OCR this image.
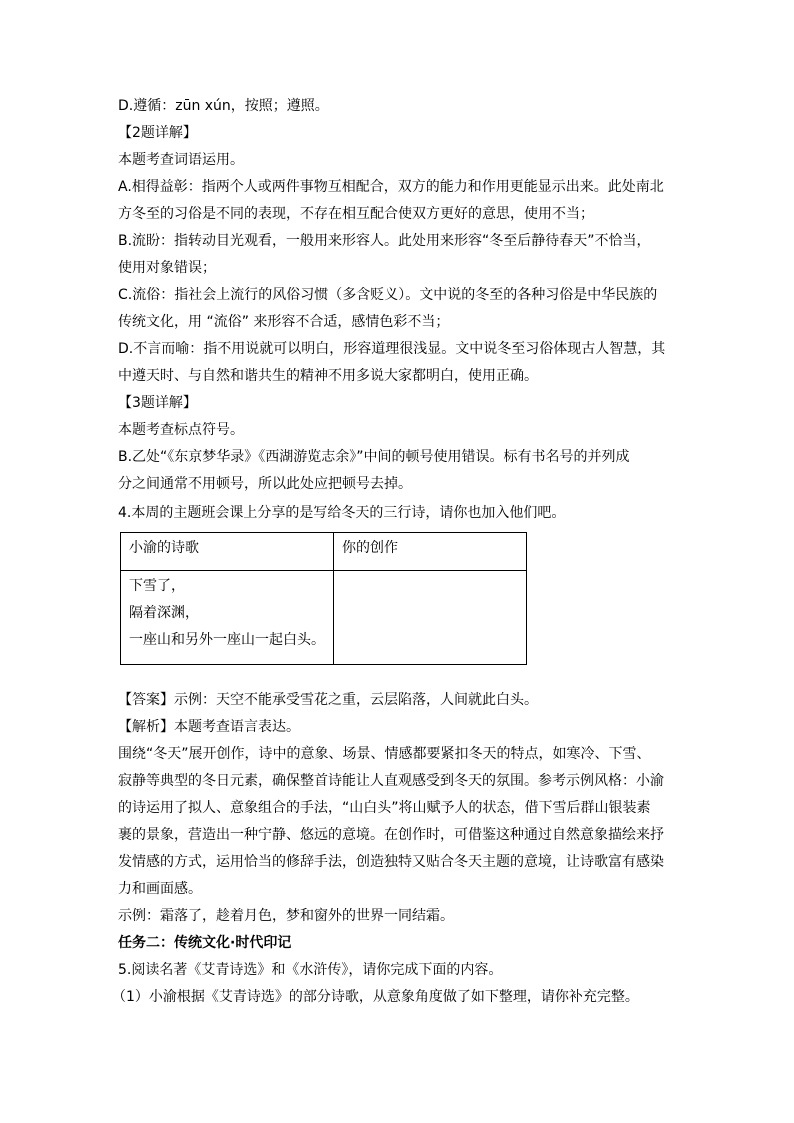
D.遵循：zūn xún，按照；遵照。
【2题详解】
本题考查词语运用。
A.相得益彰：指两个人或两件事物互相配合，双方的能力和作用更能显示出来。此处南北
方冬至的习俗是不同的表现，不存在相互配合使双方更好的意思，使用不当；
B.流盼：指转动目光观看，一般用来形容人。此处用来形容“冬至后静待春天”不恰当，
使用对象错误；
C.流俗：指社会上流行的风俗习惯（多含贬义）。文中说的冬至的各种习俗是中华民族的
传统文化，用 “流俗” 来形容不合适，感情色彩不当；
D.不言而喻：指不用说就可以明白，形容道理很浅显。文中说冬至习俗体现古人智慧，其
中遵天时、与自然和谐共生的精神不用多说大家都明白，使用正确。
【3题详解】
本题考查标点符号。
B.乙处“《东京梦华录》《西湖游览志余》”中间的顿号使用错误。标有书名号的并列成
分之间通常不用顿号，所以此处应把顿号去掉。
4.本周的主题班会课上分享的是写给冬天的三行诗，请你也加入他们吧。
小渝的诗歌	你的创作

下雪了，
隔着深渊，
一座山和另外一座山一起白头。	

【答案】示例：天空不能承受雪花之重，云层陷落，人间就此白头。
【解析】本题考查语言表达。
围绕“冬天”展开创作，诗中的意象、场景、情感都要紧扣冬天的特点，如寒冷、下雪、
寂静等典型的冬日元素，确保整首诗能让人直观感受到冬天的氛围。参考示例风格：小渝
的诗运用了拟人、意象组合的手法，“山白头”将山赋予人的状态，借下雪后群山银装素
裹的景象，营造出一种宁静、悠远的意境。在创作时，可借鉴这种通过自然意象描绘来抒
发情感的方式，运用恰当的修辞手法，创造独特又贴合冬天主题的意境，让诗歌富有感染
力和画面感。
示例：霜落了，趁着月色，梦和窗外的世界一同结霜。
任务二：传统文化·时代印记
5.阅读名著《艾青诗选》和《水浒传》，请你完成下面的内容。
（1）小渝根据《艾青诗选》的部分诗歌，从意象角度做了如下整理，请你补充完整。
